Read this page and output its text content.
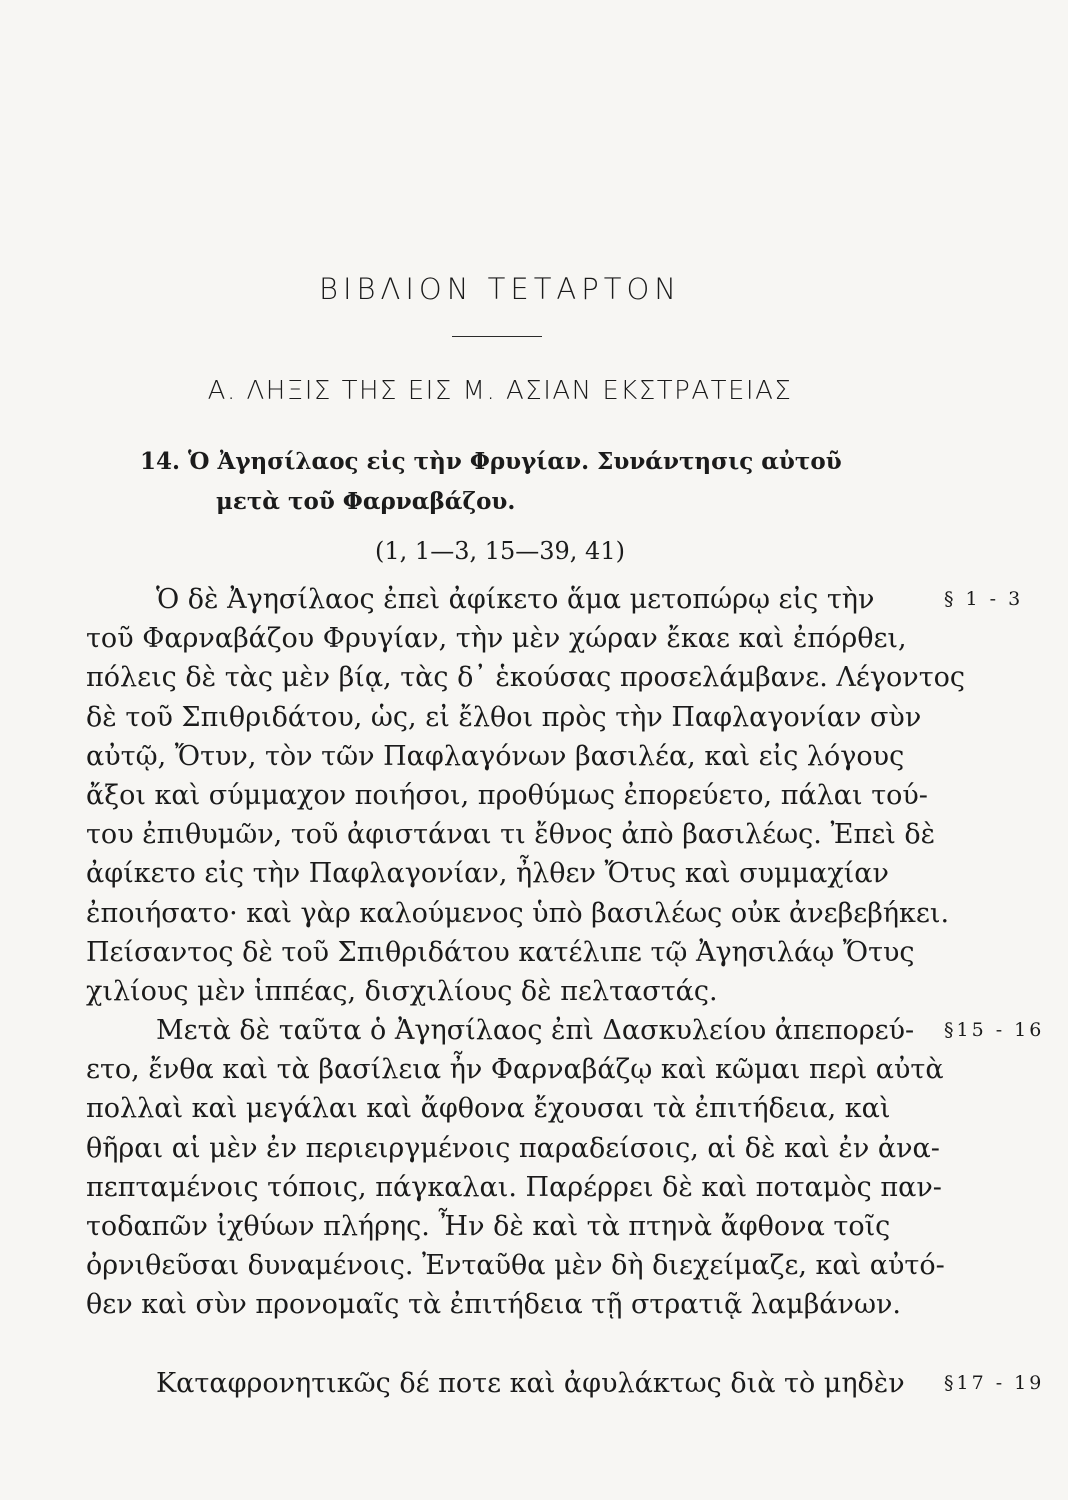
ΒΙΒΛΙΟΝ ΤΕΤΑΡΤΟΝ
Α. ΛΗΞΙΣ ΤΗΣ ΕΙΣ Μ. ΑΣΙΑΝ ΕΚΣΤΡΑΤΕΙΑΣ
14. Ὁ Ἀγησίλαος εἰς τὴν Φρυγίαν. Συνάντησις αὐτοῦ
μετὰ τοῦ Φαρναβάζου.
(1, 1—3, 15—39, 41)
Ὁ δὲ Ἀγησίλαος ἐπεὶ ἀφίκετο ἅμα μετοπώρῳ εἰς τὴν
τοῦ Φαρναβάζου Φρυγίαν, τὴν μὲν χώραν ἔκαε καὶ ἐπόρθει,
πόλεις δὲ τὰς μὲν βίᾳ, τὰς δ᾽ ἑκούσας προσελάμβανε. Λέγοντος
δὲ τοῦ Σπιθριδάτου, ὡς, εἰ ἔλθοι πρὸς τὴν Παφλαγονίαν σὺν
αὐτῷ, Ὄτυν, τὸν τῶν Παφλαγόνων βασιλέα, καὶ εἰς λόγους
ἄξοι καὶ σύμμαχον ποιήσοι, προθύμως ἐπορεύετο, πάλαι τού-
του ἐπιθυμῶν, τοῦ ἀφιστάναι τι ἔθνος ἀπὸ βασιλέως. Ἐπεὶ δὲ
ἀφίκετο εἰς τὴν Παφλαγονίαν, ἦλθεν Ὄτυς καὶ συμμαχίαν
ἐποιήσατο· καὶ γὰρ καλούμενος ὑπὸ βασιλέως οὐκ ἀνεβεβήκει.
Πείσαντος δὲ τοῦ Σπιθριδάτου κατέλιπε τῷ Ἀγησιλάῳ Ὄτυς
χιλίους μὲν ἱππέας, δισχιλίους δὲ πελταστάς.
§ 1 - 3
Μετὰ δὲ ταῦτα ὁ Ἀγησίλαος ἐπὶ Δασκυλείου ἀπεπορεύ-
ετο, ἔνθα καὶ τὰ βασίλεια ἦν Φαρναβάζῳ καὶ κῶμαι περὶ αὐτὰ
πολλαὶ καὶ μεγάλαι καὶ ἄφθονα ἔχουσαι τὰ ἐπιτήδεια, καὶ
θῆραι αἱ μὲν ἐν περιειργμένοις παραδείσοις, αἱ δὲ καὶ ἐν ἀνα-
πεπταμένοις τόποις, πάγκαλαι. Παρέρρει δὲ καὶ ποταμὸς παν-
τοδαπῶν ἰχθύων πλήρης. Ἦν δὲ καὶ τὰ πτηνὰ ἄφθονα τοῖς
ὀρνιθεῦσαι δυναμένοις. Ἐνταῦθα μὲν δὴ διεχείμαζε, καὶ αὐτό-
θεν καὶ σὺν προνομαῖς τὰ ἐπιτήδεια τῇ στρατιᾷ λαμβάνων.
§15 - 16
Καταφρονητικῶς δέ ποτε καὶ ἀφυλάκτως διὰ τὸ μηδὲν	§17 - 19
